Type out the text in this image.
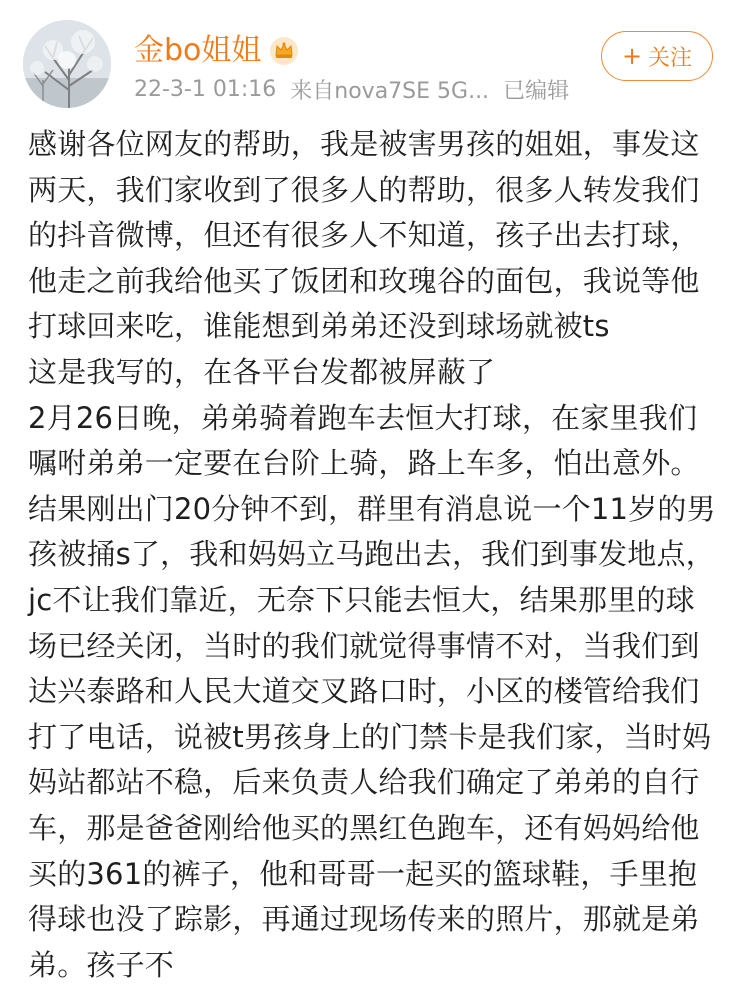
金bo姐姐
22-3-1 01:16 来自nova7SE 5G... 已编辑
+ 关注

感谢各位网友的帮助，我是被害男孩的姐姐，事发这两天，我们家收到了很多人的帮助，很多人转发我们的抖音微博，但还有很多人不知道，孩子出去打球，他走之前我给他买了饭团和玫瑰谷的面包，我说等他打球回来吃，谁能想到弟弟还没到球场就被ts

这是我写的，在各平台发都被屏蔽了

2月26日晚，弟弟骑着跑车去恒大打球，在家里我们嘱咐弟弟一定要在台阶上骑，路上车多，怕出意外。结果刚出门20分钟不到，群里有消息说一个11岁的男孩被捅s了，我和妈妈立马跑出去，我们到事发地点，jc不让我们靠近，无奈下只能去恒大，结果那里的球场已经关闭，当时的我们就觉得事情不对，当我们到达兴泰路和人民大道交叉路口时，小区的楼管给我们打了电话，说被t男孩身上的门禁卡是我们家，当时妈妈站都站不稳，后来负责人给我们确定了弟弟的自行车，那是爸爸刚给他买的黑红色跑车，还有妈妈给他买的361的裤子，他和哥哥一起买的篮球鞋，手里抱得球也没了踪影，再通过现场传来的照片，那就是弟弟。孩子不
